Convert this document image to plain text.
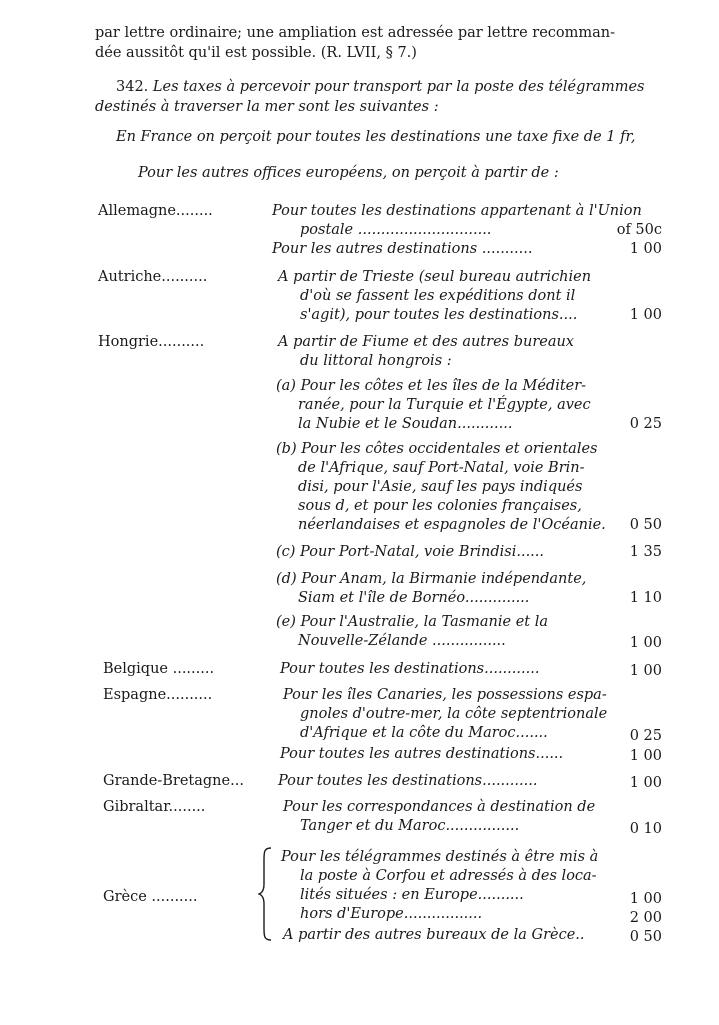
par lettre ordinaire; une ampliation est adressée par lettre recomman-
dée aussitôt qu'il est possible. (R. LVII, § 7.)
342. Les taxes à percevoir pour transport par la poste des télégrammes
destinés à traverser la mer sont les suivantes :
En France on perçoit pour toutes les destinations une taxe fixe de 1 fr,
Pour les autres offices européens, on perçoit à partir de :
Allemagne........	Pour toutes les destinations appartenant à l'Union
postale .............................	of 50c
Pour les autres destinations ...........	1 00
Autriche..........	A partir de Trieste (seul bureau autrichien
d'où se fassent les expéditions dont il
s'agit), pour toutes les destinations....	1 00
Hongrie..........	A partir de Fiume et des autres bureaux
du littoral hongrois :
(a) Pour les côtes et les îles de la Méditer-
ranée, pour la Turquie et l'Égypte, avec
la Nubie et le Soudan............	0 25
(b) Pour les côtes occidentales et orientales
de l'Afrique, sauf Port-Natal, voie Brin-
disi, pour l'Asie, sauf les pays indiqués
sous d, et pour les colonies françaises,
néerlandaises et espagnoles de l'Océanie.	0 50
(c) Pour Port-Natal, voie Brindisi......	1 35
(d) Pour Anam, la Birmanie indépendante,
Siam et l'île de Bornéo..............	1 10
(e) Pour l'Australie, la Tasmanie et la
Nouvelle-Zélande ................	1 00
Belgique .........	Pour toutes les destinations............	1 00
Espagne..........	Pour les îles Canaries, les possessions espa-
gnoles d'outre-mer, la côte septentrionale
d'Afrique et la côte du Maroc.......	0 25
Pour toutes les autres destinations......	1 00
Grande-Bretagne... Pour toutes les destinations............	1 00
Gibraltar........	Pour les correspondances à destination de
Tanger et du Maroc................	0 10
Grèce ..........
Pour les télégrammes destinés à être mis à
la poste à Corfou et adressés à des loca-
lités situées : en Europe..........	1 00
hors d'Europe.................	2 00
A partir des autres bureaux de la Grèce..	0 50
